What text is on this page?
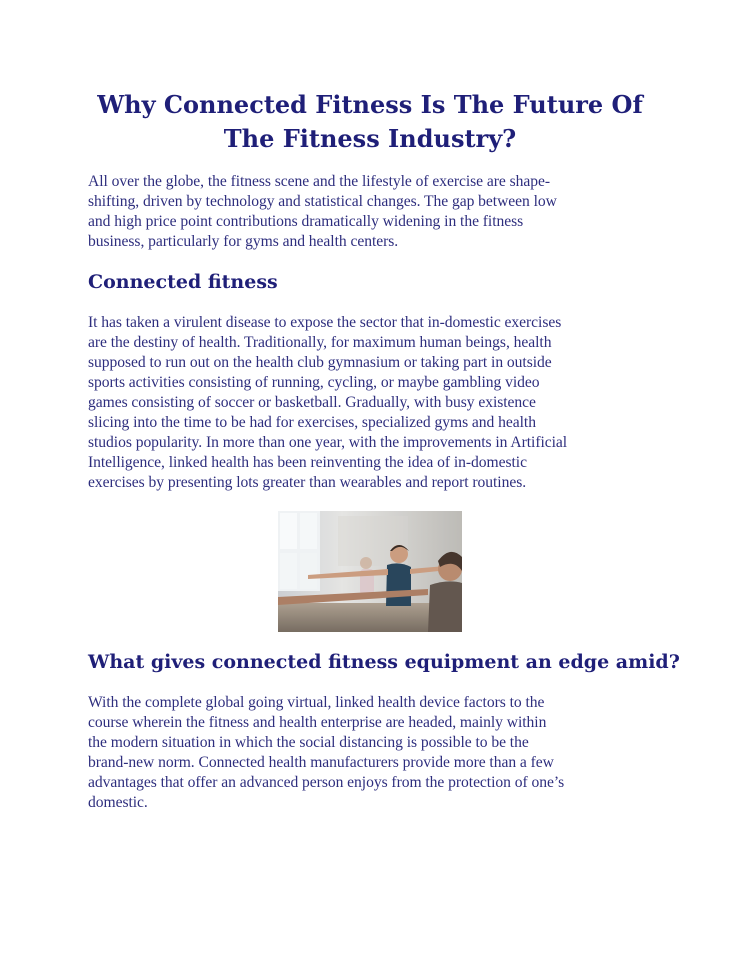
Why Connected Fitness Is The Future Of
The Fitness Industry?

All over the globe, the fitness scene and the lifestyle of exercise are shape-
shifting, driven by technology and statistical changes. The gap between low
and high price point contributions dramatically widening in the fitness
business, particularly for gyms and health centers.

Connected fitness

It has taken a virulent disease to expose the sector that in-domestic exercises
are the destiny of health. Traditionally, for maximum human beings, health
supposed to run out on the health club gymnasium or taking part in outside
sports activities consisting of running, cycling, or maybe gambling video
games consisting of soccer or basketball. Gradually, with busy existence
slicing into the time to be had for exercises, specialized gyms and health
studios popularity. In more than one year, with the improvements in Artificial
Intelligence, linked health has been reinventing the idea of in-domestic
exercises by presenting lots greater than wearables and report routines.

What gives connected fitness equipment an edge amid?

With the complete global going virtual, linked health device factors to the
course wherein the fitness and health enterprise are headed, mainly within
the modern situation in which the social distancing is possible to be the
brand-new norm. Connected health manufacturers provide more than a few
advantages that offer an advanced person enjoys from the protection of one’s
domestic.
